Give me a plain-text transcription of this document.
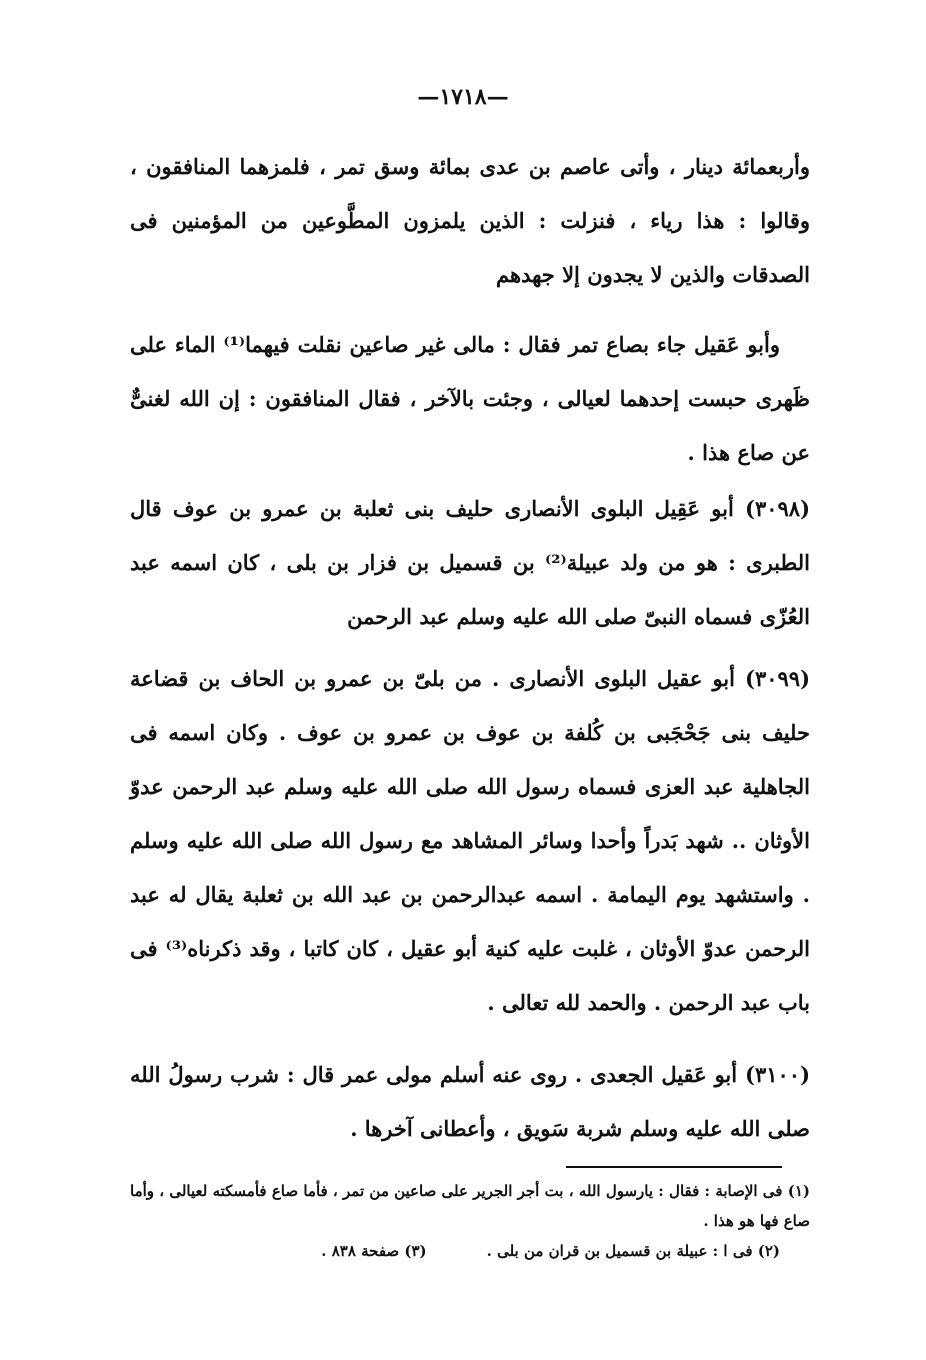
—١٧١٨—

وأربعمائة دينار ، وأتى عاصم بن عدى بمائة وسق تمر ، فلمزهما المنافقون ، وقالوا : هذا رياء ، فنزلت : الذين يلمزون المطَّوعين من المؤمنين فى الصدقات والذين لا يجدون إلا جهدهم

وأبو عَقيل جاء بصاع تمر فقال : مالى غير صاعين نقلت فيهما⁽¹⁾ الماء على ظَهرى حبست إحدهما لعيالى ، وجئت بالآخر ، فقال المنافقون : إن الله لغنىٌّ عن صاع هذا .

(٣٠٩٨) أبو عَقِيل البلوى الأنصارى حليف بنى ثعلبة بن عمرو بن عوف قال الطبرى : هو من ولد عبيلة⁽²⁾ بن قسميل بن فزار بن بلى ، كان اسمه عبد العُزّى فسماه النبىّ صلى الله عليه وسلم عبد الرحمن

(٣٠٩٩) أبو عقيل البلوى الأنصارى . من بلىّ بن عمرو بن الحاف بن قضاعة حليف بنى جَحْجَبى بن كُلفة بن عوف بن عمرو بن عوف . وكان اسمه فى الجاهلية عبد العزى فسماه رسول الله صلى الله عليه وسلم عبد الرحمن عدوّ الأوثان .. شهد بَدراً وأحدا وسائر المشاهد مع رسول الله صلى الله عليه وسلم . واستشهد يوم اليمامة . اسمه عبدالرحمن بن عبد الله بن ثعلبة يقال له عبد الرحمن عدوّ الأوثان ، غلبت عليه كنية أبو عقيل ، كان كاتبا ، وقد ذكرناه⁽³⁾ فى باب عبد الرحمن . والحمد لله تعالى .

(٣١٠٠) أبو عَقيل الجعدى . روى عنه أسلم مولى عمر قال : شرب رسولُ الله صلى الله عليه وسلم شربة سَويق ، وأعطانى آخرها .

(١) فى الإصابة : فقال : يارسول الله ، بت أجر الجرير على صاعين من تمر ، فأما صاع فأمسكته لعيالى ، وأما صاع فها هو هذا .

(٢) فى ا : عبيلة بن قسميل بن قران من بلى .
(٣) صفحة ٨٣٨ .
